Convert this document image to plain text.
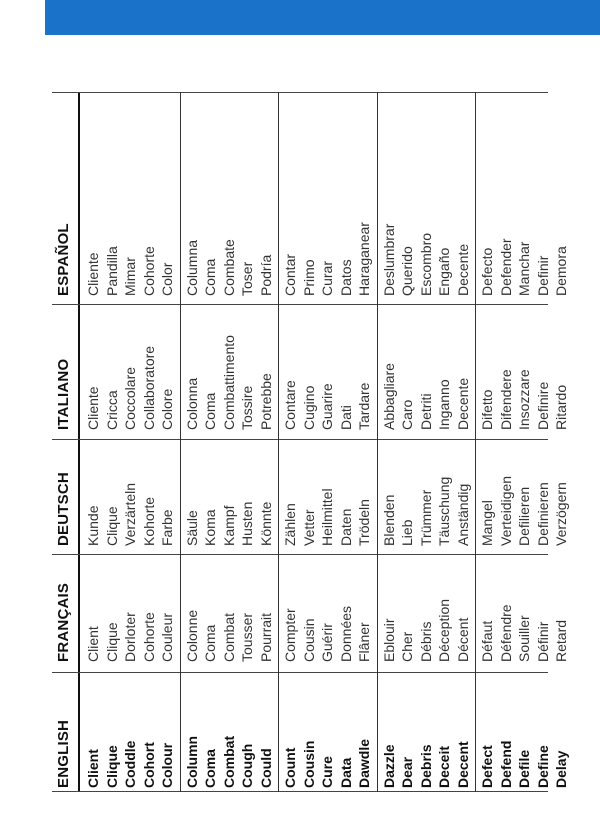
ENGLISH
FRANÇAIS
DEUTSCH
ITALIANO
ESPAÑOL
Client
Client
Kunde
Cliente
Cliente
Clique
Clique
Clique
Cricca
Pandilla
Coddle
Dorloter
Verzärteln
Coccolare
Mimar
Cohort
Cohorte
Kohorte
Collaboratore
Cohorte
Colour
Couleur
Farbe
Colore
Color
Column
Colonne
Säule
Colonna
Columna
Coma
Coma
Koma
Coma
Coma
Combat
Combat
Kampf
Combattimento
Combate
Cough
Tousser
Husten
Tossire
Toser
Could
Pourrait
Könnte
Potrebbe
Podría
Count
Compter
Zählen
Contare
Contar
Cousin
Cousin
Vetter
Cugino
Primo
Cure
Guérir
Heilmittel
Guarire
Curar
Data
Données
Daten
Dati
Datos
Dawdle
Flâner
Trödeln
Tardare
Haraganear
Dazzle
Eblouir
Blenden
Abbagliare
Deslumbrar
Dear
Cher
Lieb
Caro
Querido
Debris
Débris
Trümmer
Detriti
Escombro
Deceit
Déception
Täuschung
Inganno
Engaño
Decent
Décent
Anständig
Decente
Decente
Defect
Défaut
Mangel
Difetto
Defecto
Defend
Défendre
Verteidigen
Difendere
Defender
Defile
Souiller
Defilieren
Insozzare
Manchar
Define
Définir
Definieren
Definire
Definir
Delay
Retard
Verzögern
Ritardo
Demora
